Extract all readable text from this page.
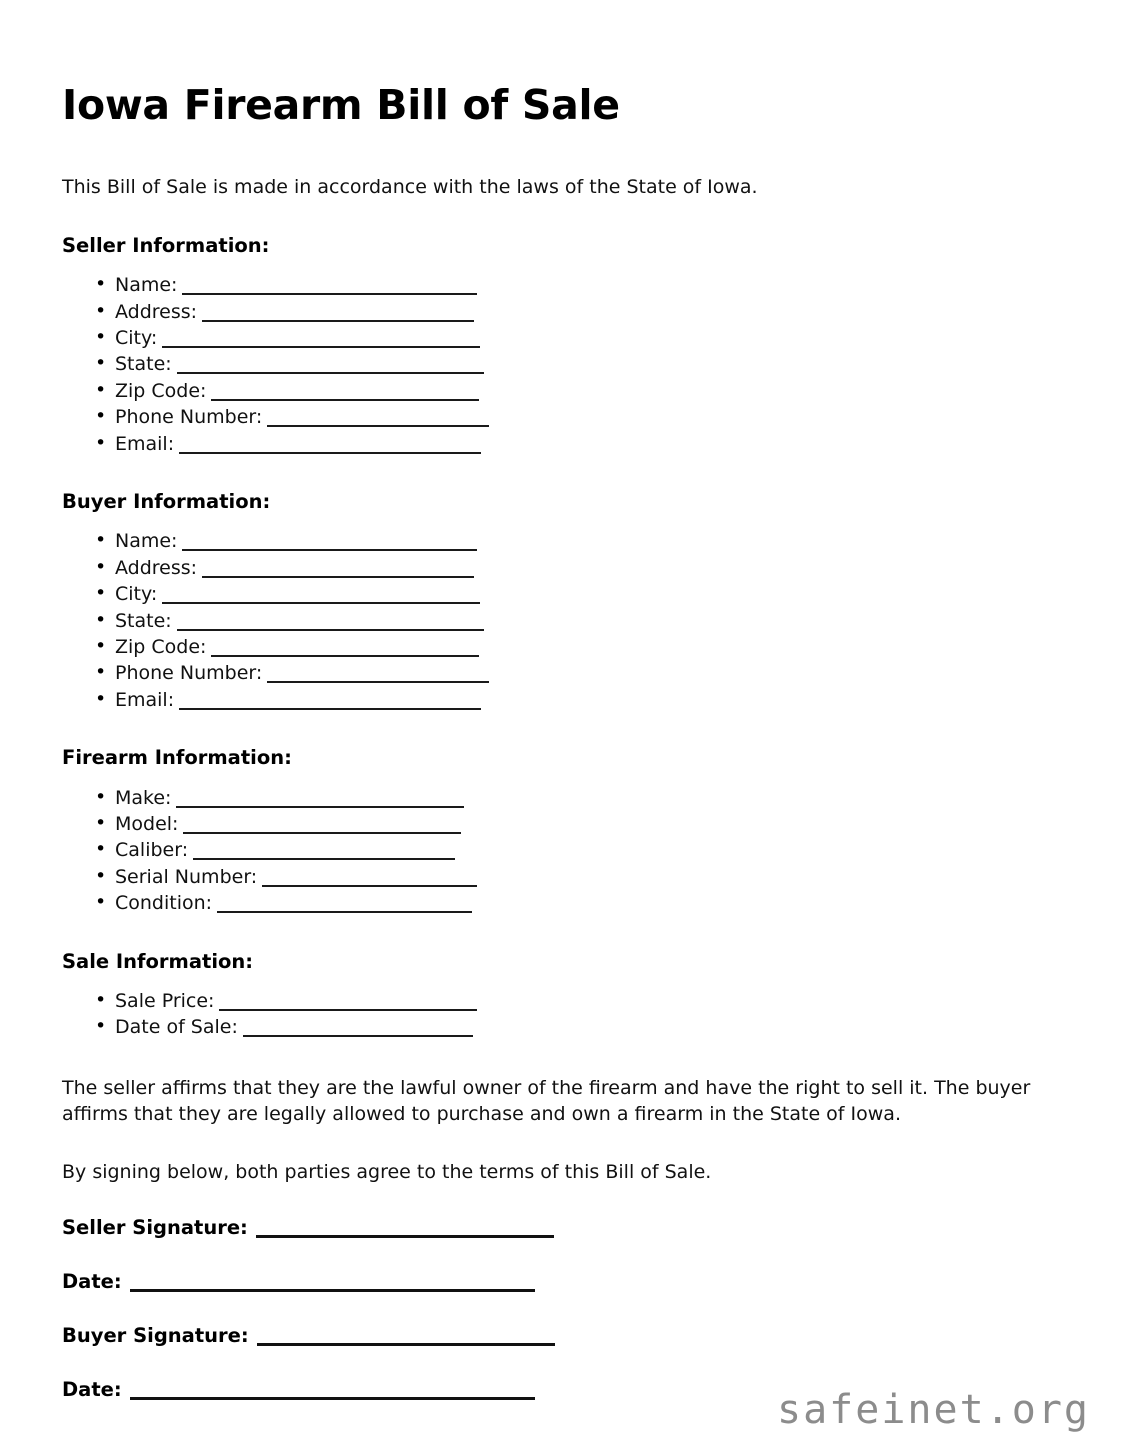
Iowa Firearm Bill of Sale

This Bill of Sale is made in accordance with the laws of the State of Iowa.

Seller Information:
• Name:
• Address:
• City:
• State:
• Zip Code:
• Phone Number:
• Email:
Buyer Information:
• Name:
• Address:
• City:
• State:
• Zip Code:
• Phone Number:
• Email:
Firearm Information:
• Make:
• Model:
• Caliber:
• Serial Number:
• Condition:
Sale Information:
• Sale Price:
• Date of Sale:

The seller affirms that they are the lawful owner of the firearm and have the right to sell it. The buyer affirms that they are legally allowed to purchase and own a firearm in the State of Iowa.

By signing below, both parties agree to the terms of this Bill of Sale.

Seller Signature:
Date:
Buyer Signature:
Date:	safeinet.org
